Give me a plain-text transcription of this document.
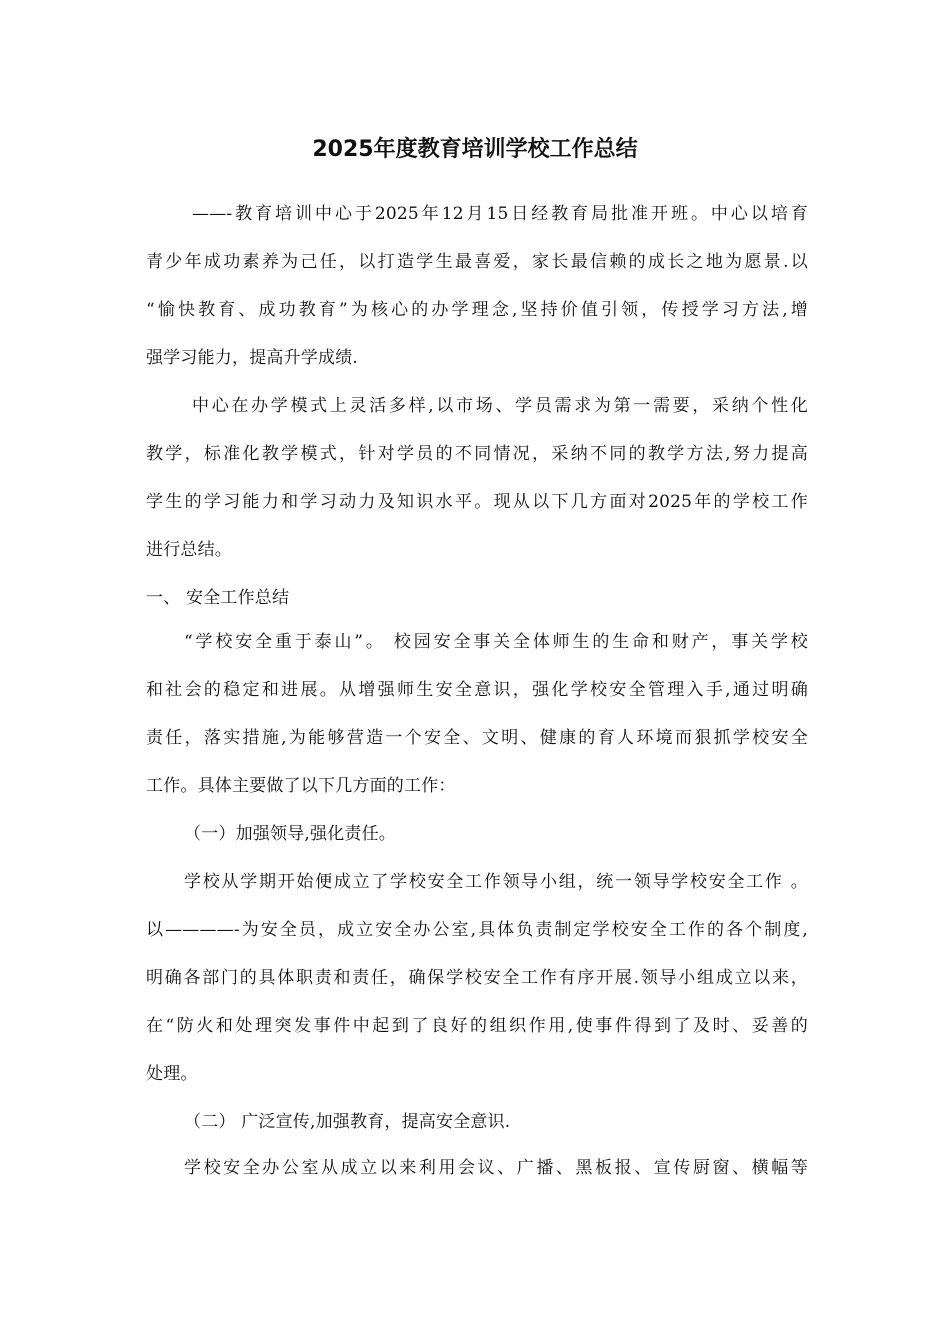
2025年度教育培训学校工作总结
——-教育培训中心于2025年12月15日经教育局批准开班。中心以培育
青少年成功素养为己任，以打造学生最喜爱，家长最信赖的成长之地为愿景.以
“愉快教育、成功教育”为核心的办学理念,坚持价值引领，传授学习方法,增
强学习能力，提高升学成绩.
中心在办学模式上灵活多样,以市场、学员需求为第一需要，采纳个性化
教学，标准化教学模式，针对学员的不同情况，采纳不同的教学方法,努力提高
学生的学习能力和学习动力及知识水平。现从以下几方面对2025年的学校工作
进行总结。
一、 安全工作总结
“学校安全重于泰山”。 校园安全事关全体师生的生命和财产，事关学校
和社会的稳定和进展。从增强师生安全意识，强化学校安全管理入手,通过明确
责任，落实措施,为能够营造一个安全、文明、健康的育人环境而狠抓学校安全
工作。具体主要做了以下几方面的工作：
（一）加强领导,强化责任。
学校从学期开始便成立了学校安全工作领导小组，统一领导学校安全工作 。
以————-为安全员，成立安全办公室,具体负责制定学校安全工作的各个制度,
明确各部门的具体职责和责任，确保学校安全工作有序开展.领导小组成立以来，
在“防火和处理突发事件中起到了良好的组织作用,使事件得到了及时、妥善的
处理。
（二） 广泛宣传,加强教育，提高安全意识.
学校安全办公室从成立以来利用会议、广播、黑板报、宣传厨窗、横幅等
